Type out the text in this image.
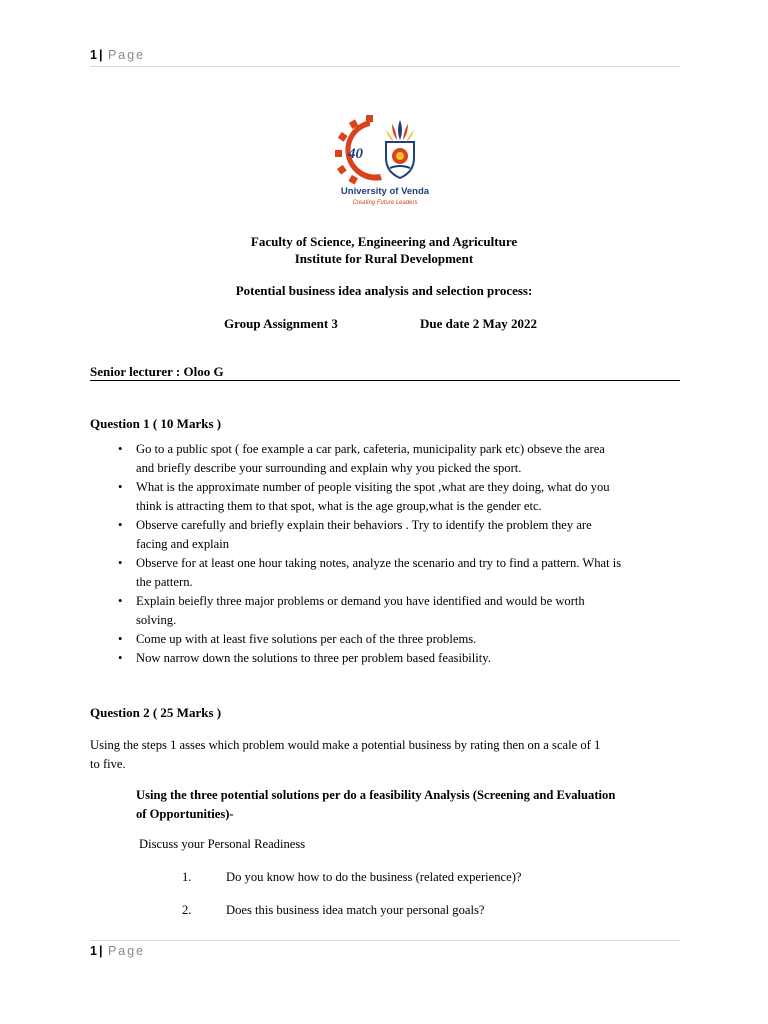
1 | Page
40
University of Venda
Creating Future Leaders
Faculty of Science, Engineering and Agriculture
Institute for Rural Development
Potential business idea analysis and selection process:
Group Assignment 3	Due date 2 May 2022
Senior lecturer : Oloo G
Question 1 ( 10 Marks )
• Go to a public spot ( foe example a car park, cafeteria, municipality park etc) obseve the area
and briefly describe your surrounding and explain why you picked the sport.
• What is the approximate number of people visiting the spot ,what are they doing, what do you
think is attracting them to that spot, what is the age group,what is the gender etc.
• Observe carefully and briefly explain their behaviors . Try to identify the problem they are
facing and explain
• Observe for at least one hour taking notes, analyze the scenario and try to find a pattern. What is
the pattern.
• Explain beiefly three major problems or demand you have identified and would be worth
solving.
• Come up with at least five solutions per each of the three problems.
• Now narrow down the solutions to three per problem based feasibility.
Question 2 ( 25 Marks )
Using the steps 1 asses which problem would make a potential business by rating then on a scale of 1
to five.
Using the three potential solutions per do a feasibility Analysis (Screening and Evaluation
of Opportunities)-
Discuss your Personal Readiness
1.	Do you know how to do the business (related experience)?
2.	Does this business idea match your personal goals?
1 | Page
